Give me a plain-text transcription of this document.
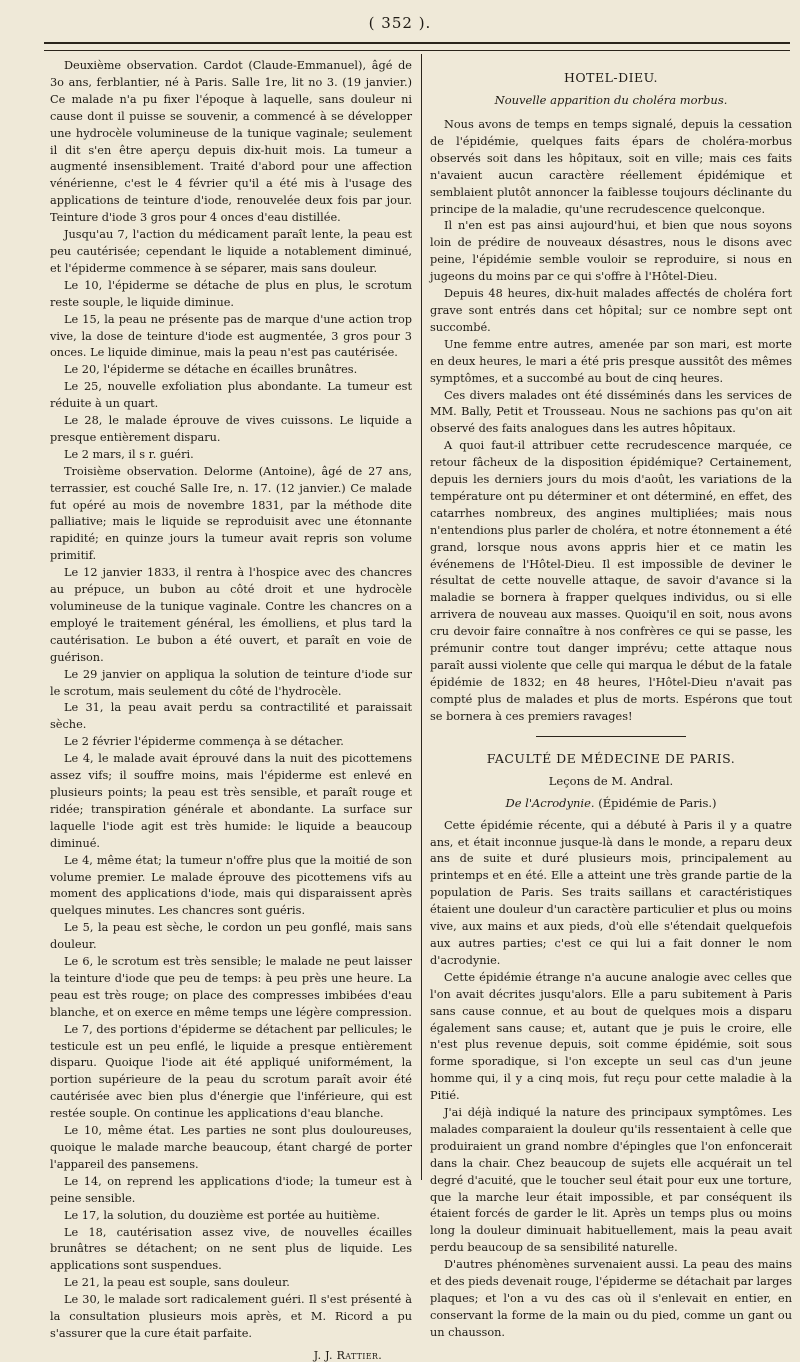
( 352 ).

Deuxième observation. Cardot (Claude-Emmanuel), âgé de 3o ans, ferblantier, né à Paris. Salle 1re, lit no 3. (19 janvier.) Ce malade n'a pu fixer l'époque à laquelle, sans douleur ni cause dont il puisse se souvenir, a commencé à se développer une hydrocèle volumineuse de la tunique vaginale; seulement il dit s'en être aperçu depuis dix-huit mois. La tumeur a augmenté insensiblement. Traité d'abord pour une affection vénérienne, c'est le 4 février qu'il a été mis à l'usage des applications de teinture d'iode, renouvelée deux fois par jour. Teinture d'iode 3 gros pour 4 onces d'eau distillée.

Jusqu'au 7, l'action du médicament paraît lente, la peau est peu cautérisée; cependant le liquide a notablement diminué, et l'épiderme commence à se séparer, mais sans douleur.

Le 10, l'épiderme se détache de plus en plus, le scrotum reste souple, le liquide diminue.

Le 15, la peau ne présente pas de marque d'une action trop vive, la dose de teinture d'iode est augmentée, 3 gros pour 3 onces. Le liquide diminue, mais la peau n'est pas cautérisée.

Le 20, l'épiderme se détache en écailles brunâtres.

Le 25, nouvelle exfoliation plus abondante. La tumeur est réduite à un quart.

Le 28, le malade éprouve de vives cuissons. Le liquide a presque entièrement disparu.

Le 2 mars, il s r. guéri.

Troisième observation. Delorme (Antoine), âgé de 27 ans, terrassier, est couché Salle Ire, n. 17. (12 janvier.) Ce malade fut opéré au mois de novembre 1831, par la méthode dite palliative; mais le liquide se reproduisit avec une étonnante rapidité; en quinze jours la tumeur avait repris son volume primitif.

Le 12 janvier 1833, il rentra à l'hospice avec des chancres au prépuce, un bubon au côté droit et une hydrocèle volumineuse de la tunique vaginale. Contre les chancres on a employé le traitement général, les émolliens, et plus tard la cautérisation. Le bubon a été ouvert, et paraît en voie de guérison.

Le 29 janvier on appliqua la solution de teinture d'iode sur le scrotum, mais seulement du côté de l'hydrocèle.

Le 31, la peau avait perdu sa contractilité et paraissait sèche.

Le 2 février l'épiderme commença à se détacher.

Le 4, le malade avait éprouvé dans la nuit des picottemens assez vifs; il souffre moins, mais l'épiderme est enlevé en plusieurs points; la peau est très sensible, et paraît rouge et ridée; transpiration générale et abondante. La surface sur laquelle l'iode agit est très humide: le liquide a beaucoup diminué.

Le 4, même état; la tumeur n'offre plus que la moitié de son volume premier. Le malade éprouve des picottemens vifs au moment des applications d'iode, mais qui disparaissent après quelques minutes. Les chancres sont guéris.

Le 5, la peau est sèche, le cordon un peu gonflé, mais sans douleur.

Le 6, le scrotum est très sensible; le malade ne peut laisser la teinture d'iode que peu de temps: à peu près une heure. La peau est très rouge; on place des compresses imbibées d'eau blanche, et on exerce en même temps une légère compression.

Le 7, des portions d'épiderme se détachent par pellicules; le testicule est un peu enflé, le liquide a presque entièrement disparu. Quoique l'iode ait été appliqué uniformément, la portion supérieure de la peau du scrotum paraît avoir été cautérisée avec bien plus d'énergie que l'inférieure, qui est restée souple. On continue les applications d'eau blanche.

Le 10, même état. Les parties ne sont plus douloureuses, quoique le malade marche beaucoup, étant chargé de porter l'appareil des pansemens.

Le 14, on reprend les applications d'iode; la tumeur est à peine sensible.

Le 17, la solution, du douzième est portée au huitième.

Le 18, cautérisation assez vive, de nouvelles écailles brunâtres se détachent; on ne sent plus de liquide. Les applications sont suspendues.

Le 21, la peau est souple, sans douleur.

Le 30, le malade sort radicalement guéri. Il s'est présenté à la consultation plusieurs mois après, et M. Ricord a pu s'assurer que la cure était parfaite.

J. J. Rattier.
HOTEL-DIEU.
Nouvelle apparition du choléra morbus.

Nous avons de temps en temps signalé, depuis la cessation de l'épidémie, quelques faits épars de choléra-morbus observés soit dans les hôpitaux, soit en ville; mais ces faits n'avaient aucun caractère réellement épidémique et semblaient plutôt annoncer la faiblesse toujours déclinante du principe de la maladie, qu'une recrudescence quelconque.

Il n'en est pas ainsi aujourd'hui, et bien que nous soyons loin de prédire de nouveaux désastres, nous le disons avec peine, l'épidémie semble vouloir se reproduire, si nous en jugeons du moins par ce qui s'offre à l'Hôtel-Dieu.

Depuis 48 heures, dix-huit malades affectés de choléra fort grave sont entrés dans cet hôpital; sur ce nombre sept ont succombé.

Une femme entre autres, amenée par son mari, est morte en deux heures, le mari a été pris presque aussitôt des mêmes symptômes, et a succombé au bout de cinq heures.

Ces divers malades ont été disséminés dans les services de MM. Bally, Petit et Trousseau. Nous ne sachions pas qu'on ait observé des faits analogues dans les autres hôpitaux.

A quoi faut-il attribuer cette recrudescence marquée, ce retour fâcheux de la disposition épidémique? Certainement, depuis les derniers jours du mois d'août, les variations de la température ont pu déterminer et ont déterminé, en effet, des catarrhes nombreux, des angines multipliées; mais nous n'entendions plus parler de choléra, et notre étonnement a été grand, lorsque nous avons appris hier et ce matin les événemens de l'Hôtel-Dieu. Il est impossible de deviner le résultat de cette nouvelle attaque, de savoir d'avance si la maladie se bornera à frapper quelques individus, ou si elle arrivera de nouveau aux masses. Quoiqu'il en soit, nous avons cru devoir faire connaître à nos confrères ce qui se passe, les prémunir contre tout danger imprévu; cette attaque nous paraît aussi violente que celle qui marqua le début de la fatale épidémie de 1832; en 48 heures, l'Hôtel-Dieu n'avait pas compté plus de malades et plus de morts. Espérons que tout se bornera à ces premiers ravages!

FACULTÉ DE MÉDECINE DE PARIS.
Leçons de M. Andral.
De l'Acrodynie. (Épidémie de Paris.)

Cette épidémie récente, qui a débuté à Paris il y a quatre ans, et était inconnue jusque-là dans le monde, a reparu deux ans de suite et duré plusieurs mois, principalement au printemps et en été. Elle a atteint une très grande partie de la population de Paris. Ses traits saillans et caractéristiques étaient une douleur d'un caractère particulier et plus ou moins vive, aux mains et aux pieds, d'où elle s'étendait quelquefois aux autres parties; c'est ce qui lui a fait donner le nom d'acrodynie.

Cette épidémie étrange n'a aucune analogie avec celles que l'on avait décrites jusqu'alors. Elle a paru subitement à Paris sans cause connue, et au bout de quelques mois a disparu également sans cause; et, autant que je puis le croire, elle n'est plus revenue depuis, soit comme épidémie, soit sous forme sporadique, si l'on excepte un seul cas d'un jeune homme qui, il y a cinq mois, fut reçu pour cette maladie à la Pitié.

J'ai déjà indiqué la nature des principaux symptômes. Les malades comparaient la douleur qu'ils ressentaient à celle que produiraient un grand nombre d'épingles que l'on enfoncerait dans la chair. Chez beaucoup de sujets elle acquérait un tel degré d'acuité, que le toucher seul était pour eux une torture, que la marche leur était impossible, et par conséquent ils étaient forcés de garder le lit. Après un temps plus ou moins long la douleur diminuait habituellement, mais la peau avait perdu beaucoup de sa sensibilité naturelle.

D'autres phénomènes survenaient aussi. La peau des mains et des pieds devenait rouge, l'épiderme se détachait par larges plaques; et l'on a vu des cas où il s'enlevait en entier, en conservant la forme de la main ou du pied, comme un gant ou un chausson.
